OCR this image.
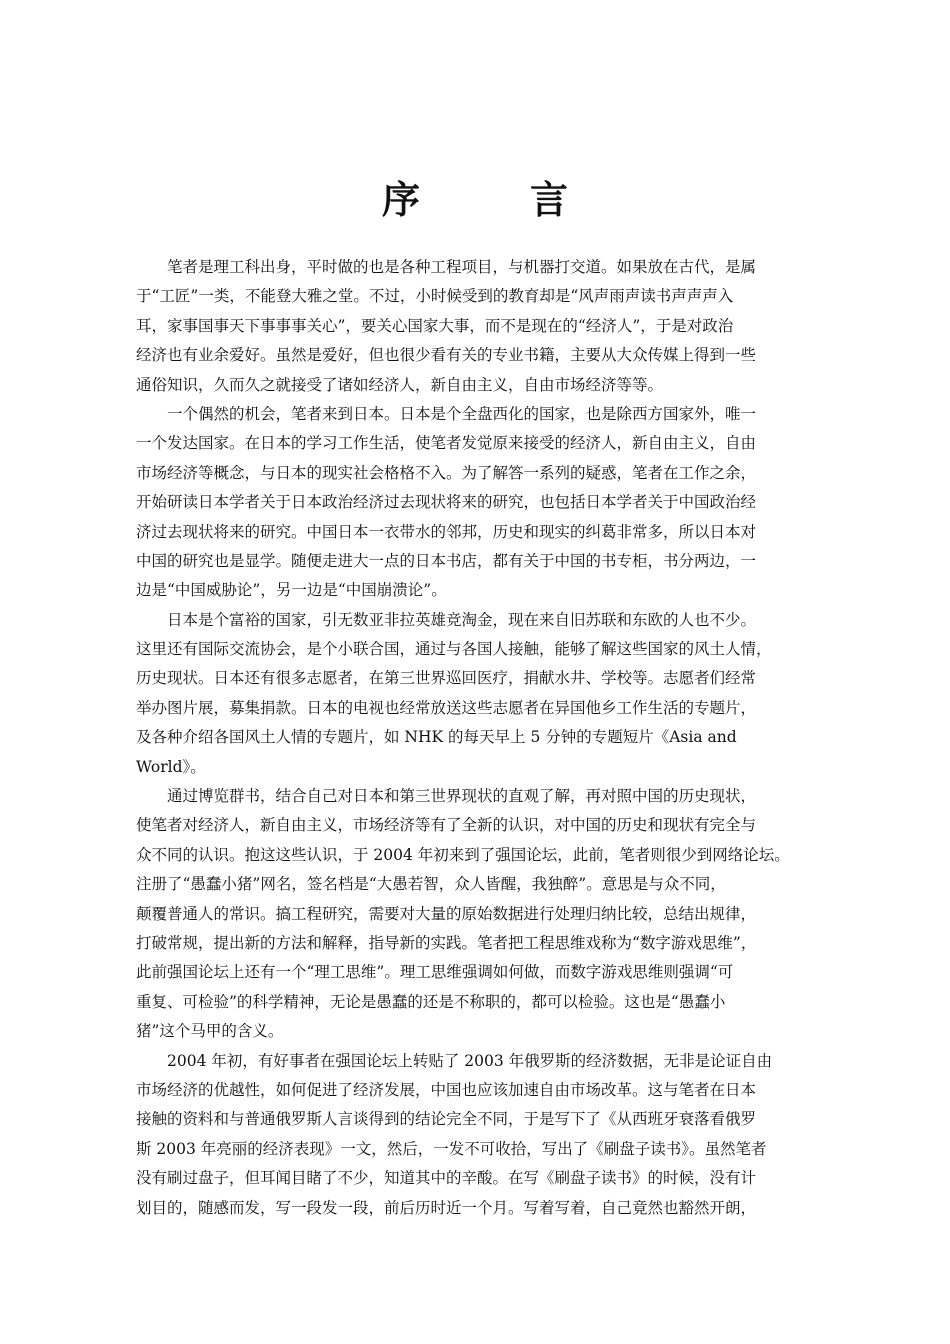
序　言
笔者是理工科出身，平时做的也是各种工程项目，与机器打交道。如果放在古代，是属
于“工匠”一类，不能登大雅之堂。不过，小时候受到的教育却是“风声雨声读书声声声入
耳，家事国事天下事事事关心”，要关心国家大事，而不是现在的“经济人”，于是对政治
经济也有业余爱好。虽然是爱好，但也很少看有关的专业书籍，主要从大众传媒上得到一些
通俗知识，久而久之就接受了诸如经济人，新自由主义，自由市场经济等等。
一个偶然的机会，笔者来到日本。日本是个全盘西化的国家，也是除西方国家外，唯一
一个发达国家。在日本的学习工作生活，使笔者发觉原来接受的经济人，新自由主义，自由
市场经济等概念，与日本的现实社会格格不入。为了解答一系列的疑惑，笔者在工作之余，
开始研读日本学者关于日本政治经济过去现状将来的研究，也包括日本学者关于中国政治经
济过去现状将来的研究。中国日本一衣带水的邻邦，历史和现实的纠葛非常多，所以日本对
中国的研究也是显学。随便走进大一点的日本书店，都有关于中国的书专柜，书分两边，一
边是“中国威胁论”，另一边是“中国崩溃论”。
日本是个富裕的国家，引无数亚非拉英雄竞淘金，现在来自旧苏联和东欧的人也不少。
这里还有国际交流协会，是个小联合国，通过与各国人接触，能够了解这些国家的风土人情，
历史现状。日本还有很多志愿者，在第三世界巡回医疗，捐献水井、学校等。志愿者们经常
举办图片展，募集捐款。日本的电视也经常放送这些志愿者在异国他乡工作生活的专题片，
及各种介绍各国风土人情的专题片，如 NHK 的每天早上 5 分钟的专题短片《Asia and
World》。
通过博览群书，结合自己对日本和第三世界现状的直观了解，再对照中国的历史现状，
使笔者对经济人，新自由主义，市场经济等有了全新的认识，对中国的历史和现状有完全与
众不同的认识。抱这这些认识，于 2004 年初来到了强国论坛，此前，笔者则很少到网络论坛。
注册了“愚蠢小猪”网名，签名档是“大愚若智，众人皆醒，我独醉”。意思是与众不同，
颠覆普通人的常识。搞工程研究，需要对大量的原始数据进行处理归纳比较，总结出规律，
打破常规，提出新的方法和解释，指导新的实践。笔者把工程思维戏称为“数字游戏思维”，
此前强国论坛上还有一个“理工思维”。理工思维强调如何做，而数字游戏思维则强调“可
重复、可检验”的科学精神，无论是愚蠢的还是不称职的，都可以检验。这也是“愚蠢小
猪”这个马甲的含义。
2004 年初，有好事者在强国论坛上转贴了 2003 年俄罗斯的经济数据，无非是论证自由
市场经济的优越性，如何促进了经济发展，中国也应该加速自由市场改革。这与笔者在日本
接触的资料和与普通俄罗斯人言谈得到的结论完全不同，于是写下了《从西班牙衰落看俄罗
斯 2003 年亮丽的经济表现》一文，然后，一发不可收拾，写出了《刷盘子读书》。虽然笔者
没有刷过盘子，但耳闻目睹了不少，知道其中的辛酸。在写《刷盘子读书》的时候，没有计
划目的，随感而发，写一段发一段，前后历时近一个月。写着写着，自己竟然也豁然开朗，
